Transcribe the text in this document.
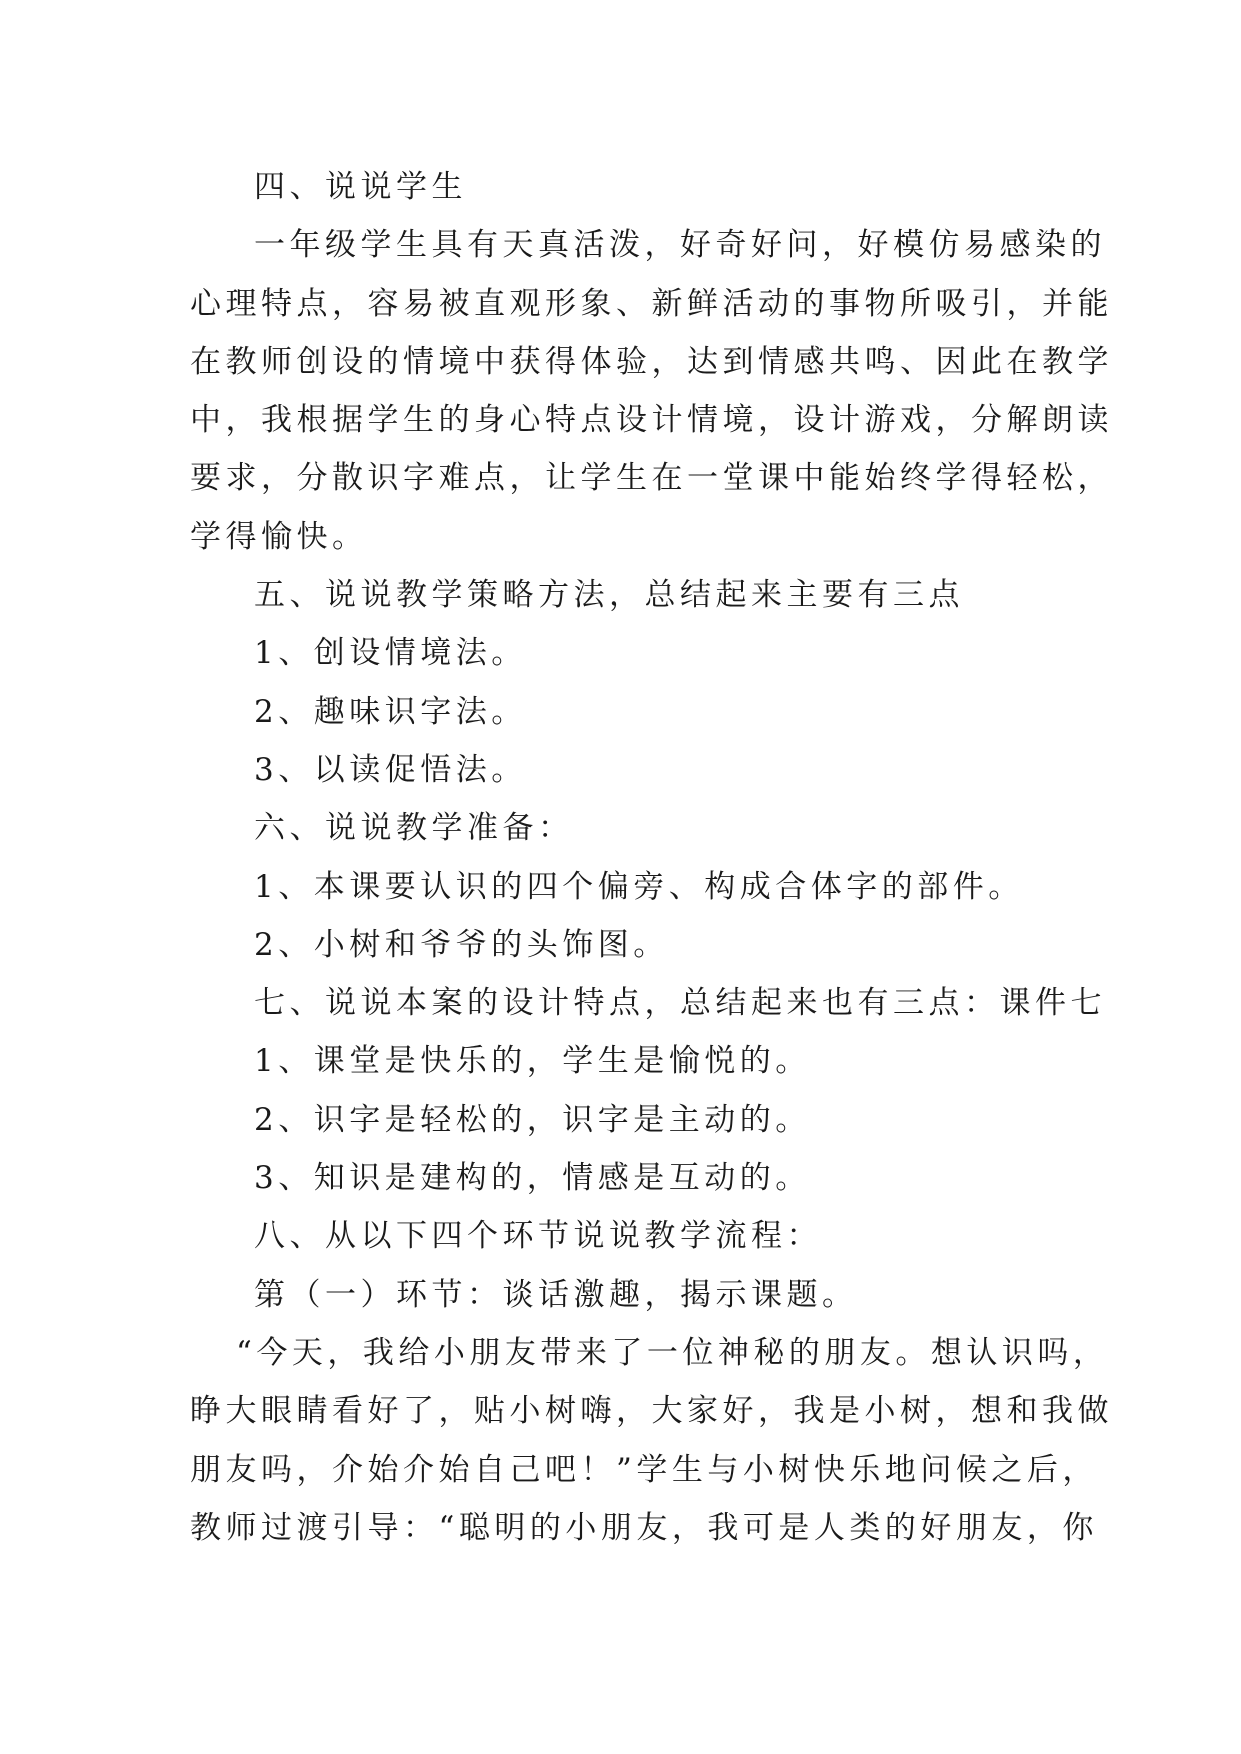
四、说说学生
一年级学生具有天真活泼，好奇好问，好模仿易感染的
心理特点，容易被直观形象、新鲜活动的事物所吸引，并能
在教师创设的情境中获得体验，达到情感共鸣、因此在教学
中，我根据学生的身心特点设计情境，设计游戏，分解朗读
要求，分散识字难点，让学生在一堂课中能始终学得轻松，
学得愉快。
五、说说教学策略方法，总结起来主要有三点
1、创设情境法。
2、趣味识字法。
3、以读促悟法。
六、说说教学准备：
1、本课要认识的四个偏旁、构成合体字的部件。
2、小树和爷爷的头饰图。
七、说说本案的设计特点，总结起来也有三点：课件七
1、课堂是快乐的，学生是愉悦的。
2、识字是轻松的，识字是主动的。
3、知识是建构的，情感是互动的。
八、从以下四个环节说说教学流程：
第（一）环节：谈话激趣，揭示课题。
“今天，我给小朋友带来了一位神秘的朋友。想认识吗，
睁大眼睛看好了，贴小树嗨，大家好，我是小树，想和我做
朋友吗，介始介始自己吧！”学生与小树快乐地问候之后，
教师过渡引导：“聪明的小朋友，我可是人类的好朋友，你
